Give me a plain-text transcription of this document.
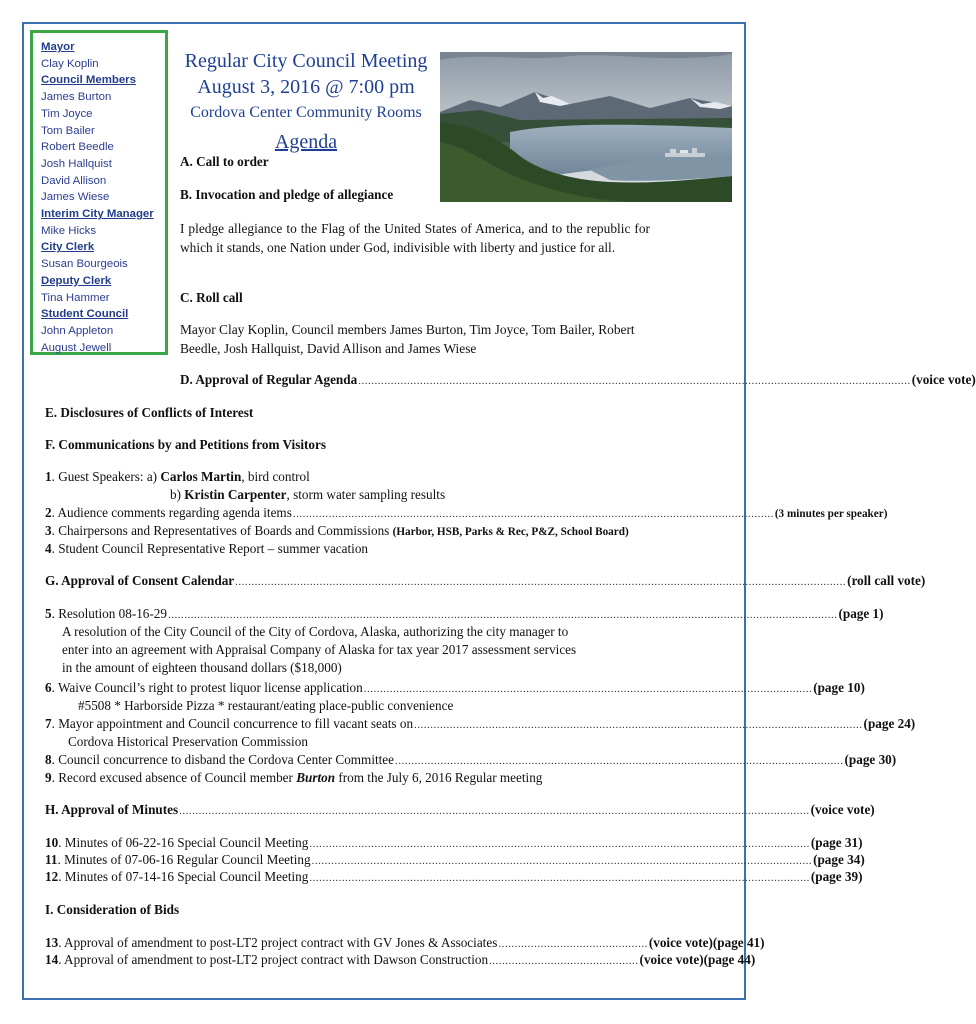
Mayor
Clay Koplin
Council Members
James Burton
Tim Joyce
Tom Bailer
Robert Beedle
Josh Hallquist
David Allison
James Wiese
Interim City Manager
Mike Hicks
City Clerk
Susan Bourgeois
Deputy Clerk
Tina Hammer
Student Council
John Appleton
August Jewell
Regular City Council Meeting
August 3, 2016 @ 7:00 pm
Cordova Center Community Rooms
Agenda
A. Call to order
B. Invocation and pledge of allegiance
I pledge allegiance to the Flag of the United States of America, and to the republic for which it stands, one Nation under God, indivisible with liberty and justice for all.
C. Roll call
Mayor Clay Koplin, Council members James Burton, Tim Joyce, Tom Bailer, Robert Beedle, Josh Hallquist, David Allison and James Wiese
D. Approval of Regular Agenda .......................................................................................................................................................................... (voice vote)
E. Disclosures of Conflicts of Interest
F. Communications by and Petitions from Visitors
1. Guest Speakers: a) Carlos Martin, bird control
b) Kristin Carpenter, storm water sampling results
2. Audience comments regarding agenda items .................................................................................................................................................... (3 minutes per speaker)
3. Chairpersons and Representatives of Boards and Commissions (Harbor, HSB, Parks & Rec, P&Z, School Board)
4. Student Council Representative Report – summer vacation
G. Approval of Consent Calendar ............................................................................................................................................................................................ (roll call vote)
5. Resolution 08-16-29 .............................................................................................................................................................................................................. (page 1)
A resolution of the City Council of the City of Cordova, Alaska, authorizing the city manager to
enter into an agreement with Appraisal Company of Alaska for tax year 2017 assessment services
in the amount of eighteen thousand dollars ($18,000)
6. Waive Council’s right to protest liquor license application .......................................................................................................................................... (page 10)
#5508 * Harborside Pizza * restaurant/eating place-public convenience
7. Mayor appointment and Council concurrence to fill vacant seats on .......................................................................................................................................... (page 24)
Cordova Historical Preservation Commission
8. Council concurrence to disband the Cordova Center Committee .......................................................................................................................................... (page 30)
9. Record excused absence of Council member Burton from the July 6, 2016 Regular meeting
H. Approval of Minutes .................................................................................................................................................................................................. (voice vote)
10. Minutes of 06-22-16 Special Council Meeting .......................................................................................................................................................... (page 31)
11. Minutes of 07-06-16 Regular Council Meeting .......................................................................................................................................................... (page 34)
12. Minutes of 07-14-16 Special Council Meeting .......................................................................................................................................................... (page 39)
I. Consideration of Bids
13. Approval of amendment to post-LT2 project contract with GV Jones & Associates .............................................. (voice vote)(page 41)
14. Approval of amendment to post-LT2 project contract with Dawson Construction .............................................. (voice vote)(page 44)
